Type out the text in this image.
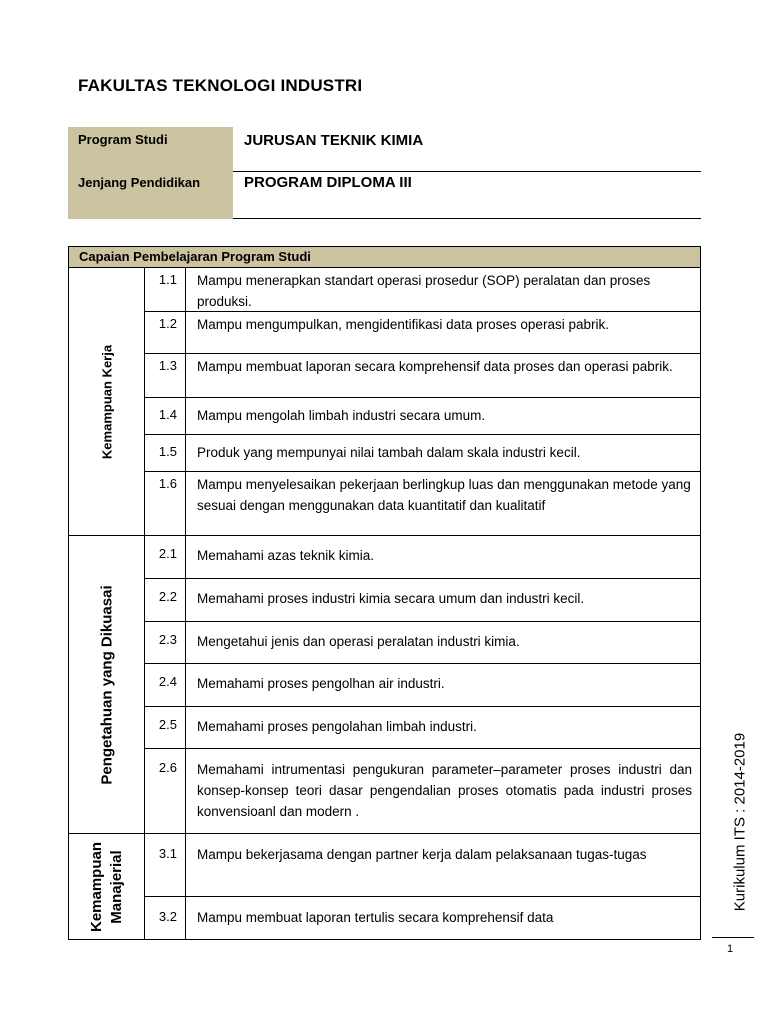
FAKULTAS TEKNOLOGI INDUSTRI
Program Studi	JURUSAN TEKNIK KIMIA
Jenjang Pendidikan	PROGRAM DIPLOMA III
Capaian Pembelajaran Program Studi
Kemampuan Kerja
1.1	Mampu menerapkan standart operasi prosedur (SOP) peralatan dan proses produksi.
1.2	Mampu mengumpulkan, mengidentifikasi data proses operasi pabrik.
1.3	Mampu membuat laporan secara komprehensif data proses dan operasi pabrik.
1.4	Mampu mengolah limbah industri secara umum.
1.5	Produk yang mempunyai nilai tambah dalam skala industri kecil.
1.6	Mampu menyelesaikan pekerjaan berlingkup luas dan menggunakan metode yang sesuai dengan menggunakan data kuantitatif dan kualitatif
Pengetahuan yang Dikuasai
2.1	Memahami azas teknik kimia.
2.2	Memahami proses industri kimia secara umum dan industri kecil.
2.3	Mengetahui jenis dan operasi peralatan industri kimia.
2.4	Memahami proses pengolhan air industri.
2.5	Memahami proses pengolahan limbah industri.
2.6	Memahami intrumentasi pengukuran parameter–parameter proses industri dan konsep-konsep teori dasar pengendalian proses otomatis pada industri proses konvensioanl dan modern .
Kemampuan Manajerial	3.1	Mampu bekerjasama dengan partner kerja dalam pelaksanaan tugas-tugas
3.2	Mampu membuat laporan tertulis secara komprehensif data
Kurikulum ITS : 2014-2019
1
